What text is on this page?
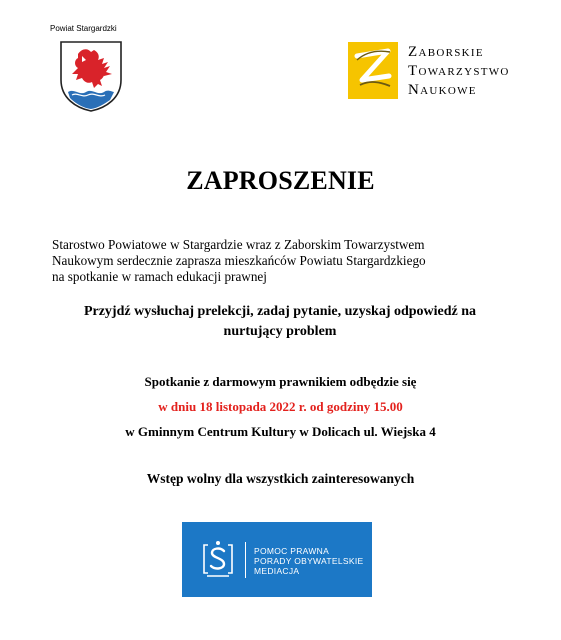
Powiat Stargardzki
Zaborskie
Towarzystwo
Naukowe
ZAPROSZENIE
Starostwo Powiatowe w Stargardzie wraz z Zaborskim Towarzystwem
Naukowym serdecznie zaprasza mieszkańców Powiatu Stargardzkiego
na spotkanie w ramach edukacji prawnej
Przyjdź wysłuchaj prelekcji, zadaj pytanie, uzyskaj odpowiedź na
nurtujący problem
Spotkanie z darmowym prawnikiem odbędzie się
w dniu 18 listopada 2022 r. od godziny 15.00
w Gminnym Centrum Kultury w Dolicach ul. Wiejska 4
Wstęp wolny dla wszystkich zainteresowanych
POMOC PRAWNA
PORADY OBYWATELSKIE
MEDIACJA
